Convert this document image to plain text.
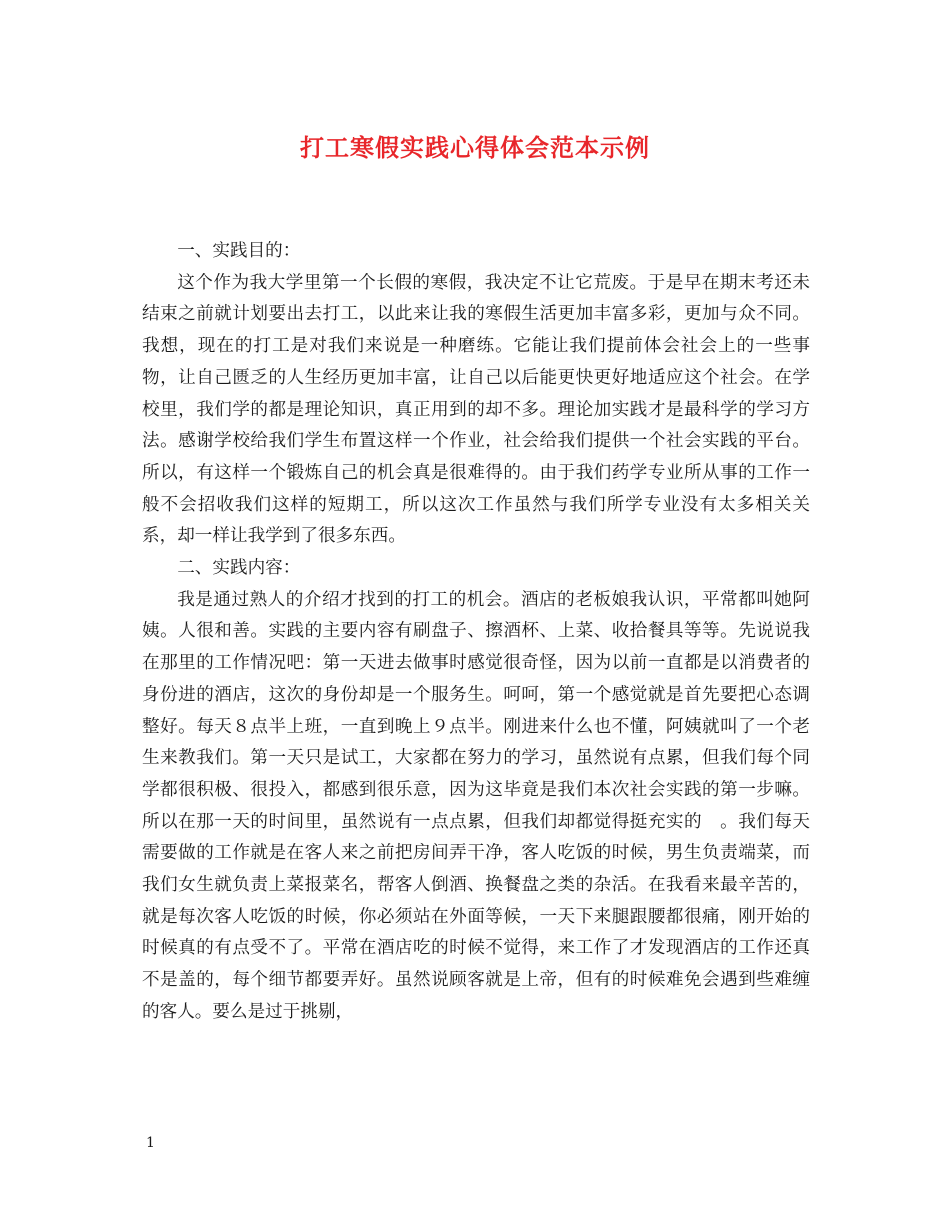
打工寒假实践心得体会范本示例

一、实践目的：

这个作为我大学里第一个长假的寒假，我决定不让它荒废。于是早在期末考还未结束之前就计划要出去打工，以此来让我的寒假生活更加丰富多彩，更加与众不同。我想，现在的打工是对我们来说是一种磨练。它能让我们提前体会社会上的一些事物，让自己匮乏的人生经历更加丰富，让自己以后能更快更好地适应这个社会。在学校里，我们学的都是理论知识，真正用到的却不多。理论加实践才是最科学的学习方法。感谢学校给我们学生布置这样一个作业，社会给我们提供一个社会实践的平台。所以，有这样一个锻炼自己的机会真是很难得的。由于我们药学专业所从事的工作一般不会招收我们这样的短期工，所以这次工作虽然与我们所学专业没有太多相关关系，却一样让我学到了很多东西。

二、实践内容：

我是通过熟人的介绍才找到的打工的机会。酒店的老板娘我认识，平常都叫她阿姨。人很和善。实践的主要内容有刷盘子、擦酒杯、上菜、收拾餐具等等。先说说我在那里的工作情况吧：第一天进去做事时感觉很奇怪，因为以前一直都是以消费者的身份进的酒店，这次的身份却是一个服务生。呵呵，第一个感觉就是首先要把心态调整好。每天８点半上班，一直到晚上９点半。刚进来什么也不懂，阿姨就叫了一个老生来教我们。第一天只是试工，大家都在努力的学习，虽然说有点累，但我们每个同学都很积极、很投入，都感到很乐意，因为这毕竟是我们本次社会实践的第一步嘛。所以在那一天的时间里，虽然说有一点点累，但我们却都觉得挺充实的　。我们每天需要做的工作就是在客人来之前把房间弄干净，客人吃饭的时候，男生负责端菜，而我们女生就负责上菜报菜名，帮客人倒酒、换餐盘之类的杂活。在我看来最辛苦的，就是每次客人吃饭的时候，你必须站在外面等候，一天下来腿跟腰都很痛，刚开始的时候真的有点受不了。平常在酒店吃的时候不觉得，来工作了才发现酒店的工作还真不是盖的，每个细节都要弄好。虽然说顾客就是上帝，但有的时候难免会遇到些难缠的客人。要么是过于挑剔，

1
